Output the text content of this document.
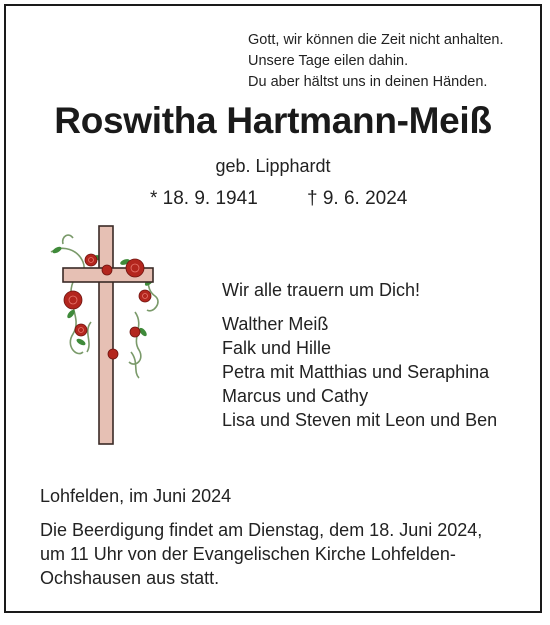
Gott, wir können die Zeit nicht anhalten.
Unsere Tage eilen dahin.
Du aber hältst uns in deinen Händen.
Roswitha Hartmann-Meiß
geb. Lipphardt
* 18. 9. 1941	† 9. 6. 2024
Wir alle trauern um Dich!
Walther Meiß
Falk und Hille
Petra mit Matthias und Seraphina
Marcus und Cathy
Lisa und Steven mit Leon und Ben
Lohfelden, im Juni 2024
Die Beerdigung findet am Dienstag, dem 18. Juni 2024,
um 11 Uhr von der Evangelischen Kirche Lohfelden-
Ochshausen aus statt.
